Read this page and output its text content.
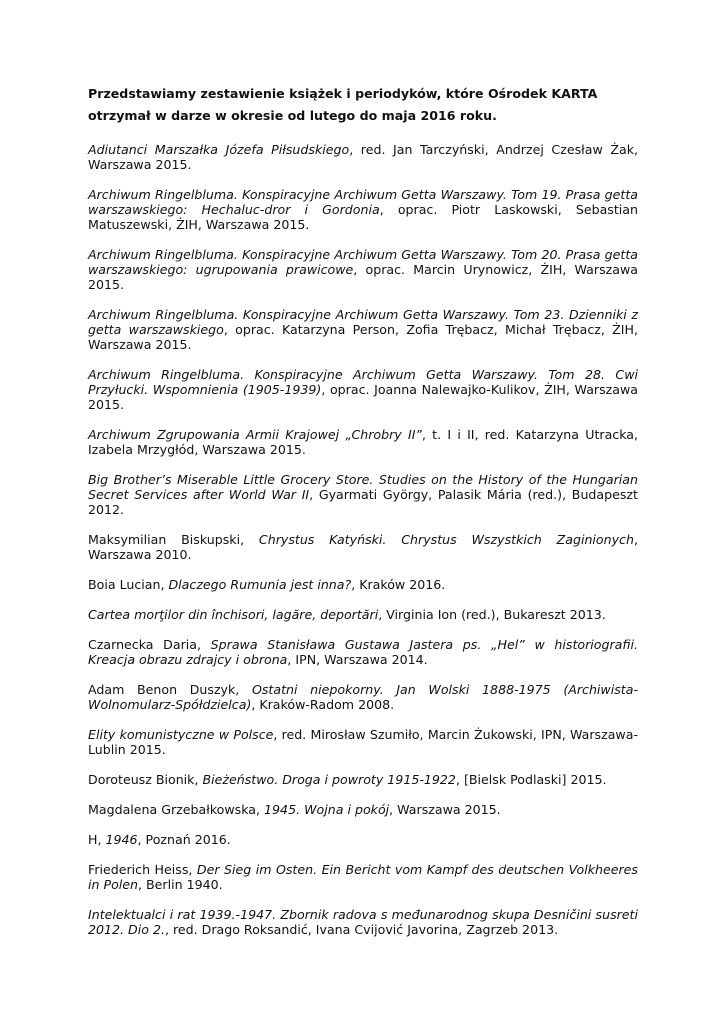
Przedstawiamy zestawienie książek i periodyków, które Ośrodek KARTA
otrzymał w darze w okresie od lutego do maja 2016 roku.

Adiutanci Marszałka Józefa Piłsudskiego, red. Jan Tarczyński, Andrzej Czesław Żak, Warszawa 2015.

Archiwum Ringelbluma. Konspiracyjne Archiwum Getta Warszawy. Tom 19. Prasa getta warszawskiego: Hechaluc-dror i Gordonia, oprac. Piotr Laskowski, Sebastian Matuszewski, ŻIH, Warszawa 2015.

Archiwum Ringelbluma. Konspiracyjne Archiwum Getta Warszawy. Tom 20. Prasa getta warszawskiego: ugrupowania prawicowe, oprac. Marcin Urynowicz, ŻIH, Warszawa 2015.

Archiwum Ringelbluma. Konspiracyjne Archiwum Getta Warszawy. Tom 23. Dzienniki z getta warszawskiego, oprac. Katarzyna Person, Zofia Trębacz, Michał Trębacz, ŻIH, Warszawa 2015.

Archiwum Ringelbluma. Konspiracyjne Archiwum Getta Warszawy. Tom 28. Cwi Przyłucki. Wspomnienia (1905-1939), oprac. Joanna Nalewajko-Kulikov, ŻIH, Warszawa 2015.

Archiwum Zgrupowania Armii Krajowej „Chrobry II”, t. I i II, red. Katarzyna Utracka, Izabela Mrzygłód, Warszawa 2015.

Big Brother’s Miserable Little Grocery Store. Studies on the History of the Hungarian Secret Services after World War II, Gyarmati György, Palasik Mária (red.), Budapeszt 2012.

Maksymilian Biskupski, Chrystus Katyński. Chrystus Wszystkich Zaginionych, Warszawa 2010.

Boia Lucian, Dlaczego Rumunia jest inna?, Kraków 2016.

Cartea morţilor din închisori, lagăre, deportări, Virginia Ion (red.), Bukareszt 2013.

Czarnecka Daria, Sprawa Stanisława Gustawa Jastera ps. „Hel” w historiografii. Kreacja obrazu zdrajcy i obrona, IPN, Warszawa 2014.

Adam Benon Duszyk, Ostatni niepokorny. Jan Wolski 1888-1975 (Archiwista-Wolnomularz-Spółdzielca), Kraków-Radom 2008.

Elity komunistyczne w Polsce, red. Mirosław Szumiło, Marcin Żukowski, IPN, Warszawa-Lublin 2015.

Doroteusz Bionik, Bieżeństwo. Droga i powroty 1915-1922, [Bielsk Podlaski] 2015.

Magdalena Grzebałkowska, 1945. Wojna i pokój, Warszawa 2015.

H, 1946, Poznań 2016.

Friederich Heiss, Der Sieg im Osten. Ein Bericht vom Kampf des deutschen Volkheeres in Polen, Berlin 1940.

Intelektualci i rat 1939.-1947. Zbornik radova s međunarodnog skupa Desničini susreti 2012. Dio 2., red. Drago Roksandić, Ivana Cvijović Javorina, Zagrzeb 2013.
